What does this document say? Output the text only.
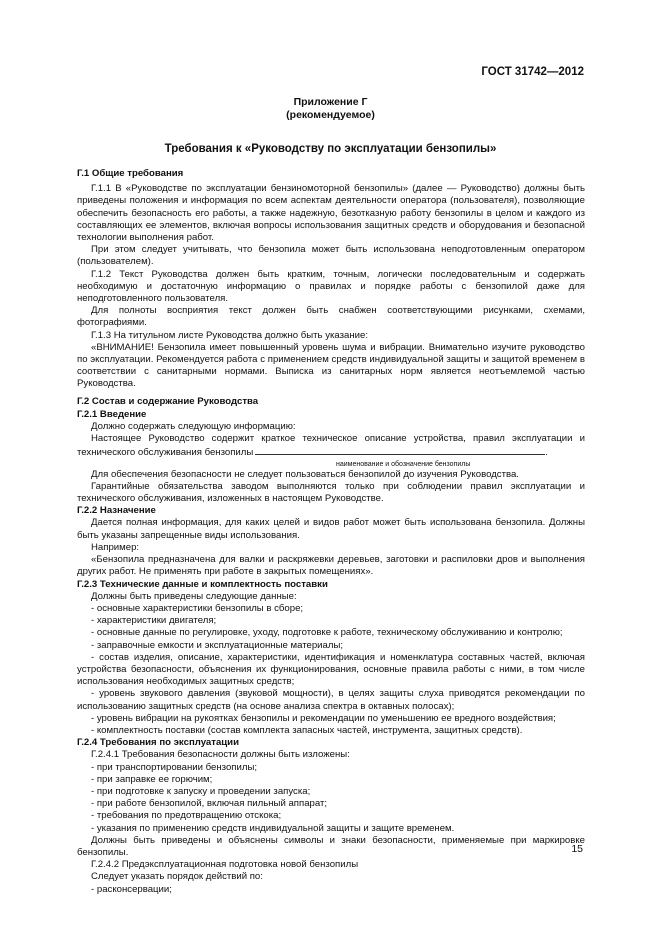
ГОСТ 31742—2012
Приложение Г
(рекомендуемое)
Требования к «Руководству по эксплуатации бензопилы»

Г.1 Общие требования

Г.1.1 В «Руководстве по эксплуатации бензиномоторной бензопилы» (далее — Руководство) должны быть приведены положения и информация по всем аспектам деятельности оператора (пользователя), позволяющие обеспечить безопасность его работы, а также надежную, безотказную работу бензопилы в целом и каждого из составляющих ее элементов, включая вопросы использования защитных средств и оборудования и безопасной технологии выполнения работ.

При этом следует учитывать, что бензопила может быть использована неподготовленным оператором (пользователем).

Г.1.2 Текст Руководства должен быть кратким, точным, логически последовательным и содержать необходимую и достаточную информацию о правилах и порядке работы с бензопилой даже для неподготовленного пользователя.

Для полноты восприятия текст должен быть снабжен соответствующими рисунками, схемами, фотографиями.

Г.1.3 На титульном листе Руководства должно быть указание:

«ВНИМАНИЕ! Бензопила имеет повышенный уровень шума и вибрации. Внимательно изучите руководство по эксплуатации. Рекомендуется работа с применением средств индивидуальной защиты и защитой временем в соответствии с санитарными нормами. Выписка из санитарных норм является неотъемлемой частью Руководства.

Г.2 Состав и содержание Руководства

Г.2.1 Введение

Должно содержать следующую информацию:

Настоящее Руководство содержит краткое техническое описание устройства, правил эксплуатации и технического обслуживания бензопилы	.

наименование и обозначение бензопилы

Для обеспечения безопасности не следует пользоваться бензопилой до изучения Руководства.

Гарантийные обязательства заводом выполняются только при соблюдении правил эксплуатации и технического обслуживания, изложенных в настоящем Руководстве.

Г.2.2 Назначение

Дается полная информация, для каких целей и видов работ может быть использована бензопила. Должны быть указаны запрещенные виды использования.

Например:

«Бензопила предназначена для валки и раскряжевки деревьев, заготовки и распиловки дров и выполнения других работ. Не применять при работе в закрытых помещениях».

Г.2.3 Технические данные и комплектность поставки

Должны быть приведены следующие данные:

- основные характеристики бензопилы в сборе;

- характеристики двигателя;

- основные данные по регулировке, уходу, подготовке к работе, техническому обслуживанию и контролю;

- заправочные емкости и эксплуатационные материалы;

- состав изделия, описание, характеристики, идентификация и номенклатура составных частей, включая устройства безопасности, объяснения их функционирования, основные правила работы с ними, в том числе использования необходимых защитных средств;

- уровень звукового давления (звуковой мощности), в целях защиты слуха приводятся рекомендации по использованию защитных средств (на основе анализа спектра в октавных полосах);

- уровень вибрации на рукоятках бензопилы и рекомендации по уменьшению ее вредного воздействия;

- комплектность поставки (состав комплекта запасных частей, инструмента, защитных средств).

Г.2.4 Требования по эксплуатации

Г.2.4.1 Требования безопасности должны быть изложены:

- при транспортировании бензопилы;

- при заправке ее горючим;

- при подготовке к запуску и проведении запуска;

- при работе бензопилой, включая пильный аппарат;

- требования по предотвращению отскока;

- указания по применению средств индивидуальной защиты и защите временем.

Должны быть приведены и объяснены символы и знаки безопасности, применяемые при маркировке бензопилы.

Г.2.4.2 Предэксплуатационная подготовка новой бензопилы

Следует указать порядок действий по:

- расконсервации;

15
